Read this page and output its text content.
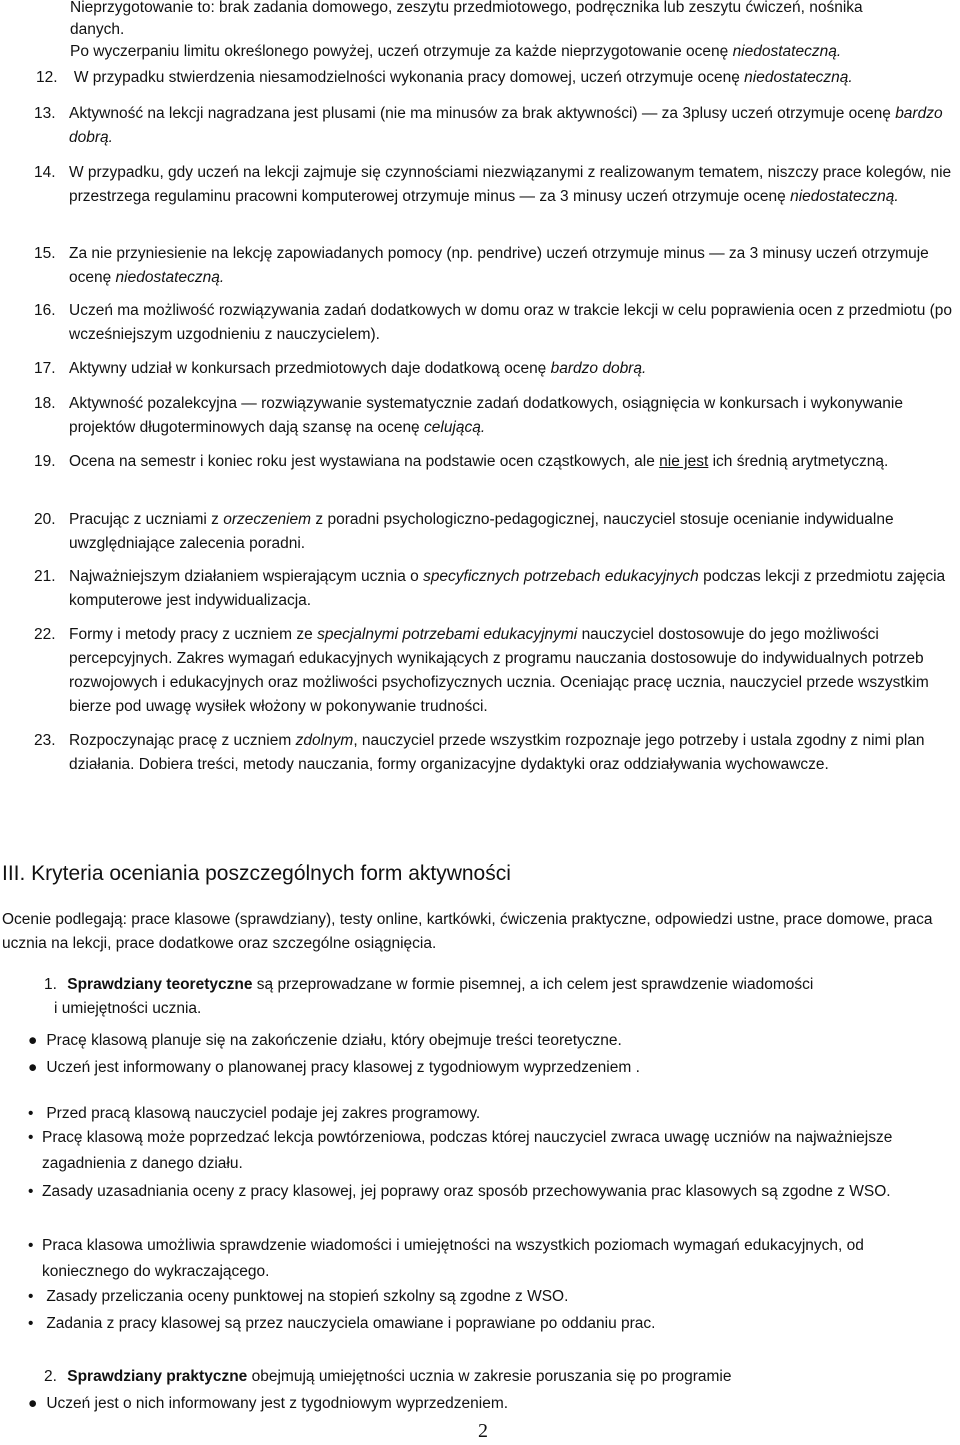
Nieprzygotowanie to: brak zadania domowego, zeszytu przedmiotowego, podręcznika lub zeszytu ćwiczeń, nośnika
danych.
Po wyczerpaniu limitu określonego powyżej, uczeń otrzymuje za każde nieprzygotowanie ocenę niedostateczną.
12. W przypadku stwierdzenia niesamodzielności wykonania pracy domowej, uczeń otrzymuje ocenę niedostateczną.
13. Aktywność na lekcji nagradzana jest plusami (nie ma minusów za brak aktywności) — za 3plusy uczeń otrzymuje ocenę bardzo dobrą.
14. W przypadku, gdy uczeń na lekcji zajmuje się czynnościami niezwiązanymi z realizowanym tematem, niszczy prace kolegów, nie przestrzega regulaminu pracowni komputerowej otrzymuje minus — za 3 minusy uczeń otrzymuje ocenę niedostateczną.
15. Za nie przyniesienie na lekcję zapowiadanych pomocy (np. pendrive) uczeń otrzymuje minus — za 3 minusy uczeń otrzymuje ocenę niedostateczną.
16. Uczeń ma możliwość rozwiązywania zadań dodatkowych w domu oraz w trakcie lekcji w celu poprawienia ocen z przedmiotu (po wcześniejszym uzgodnieniu z nauczycielem).
17. Aktywny udział w konkursach przedmiotowych daje dodatkową ocenę bardzo dobrą.
18. Aktywność pozalekcyjna — rozwiązywanie systematycznie zadań dodatkowych, osiągnięcia w konkursach i wykonywanie projektów długoterminowych dają szansę na ocenę celującą.
19. Ocena na semestr i koniec roku jest wystawiana na podstawie ocen cząstkowych, ale nie jest ich średnią arytmetyczną.
20. Pracując z uczniami z orzeczeniem z poradni psychologiczno-pedagogicznej, nauczyciel stosuje ocenianie indywidualne uwzględniające zalecenia poradni.
21. Najważniejszym działaniem wspierającym ucznia o specyficznych potrzebach edukacyjnych podczas lekcji z przedmiotu zajęcia komputerowe jest indywidualizacja.
22. Formy i metody pracy z uczniem ze specjalnymi potrzebami edukacyjnymi nauczyciel dostosowuje do jego możliwości percepcyjnych. Zakres wymagań edukacyjnych wynikających z programu nauczania dostosowuje do indywidualnych potrzeb rozwojowych i edukacyjnych oraz możliwości psychofizycznych ucznia. Oceniając pracę ucznia, nauczyciel przede wszystkim bierze pod uwagę wysiłek włożony w pokonywanie trudności.
23. Rozpoczynając pracę z uczniem zdolnym, nauczyciel przede wszystkim rozpoznaje jego potrzeby i ustala zgodny z nimi plan działania. Dobiera treści, metody nauczania, formy organizacyjne dydaktyki oraz oddziaływania wychowawcze.
III. Kryteria oceniania poszczególnych form aktywności
Ocenie podlegają: prace klasowe (sprawdziany), testy online, kartkówki, ćwiczenia praktyczne, odpowiedzi ustne, prace domowe, praca ucznia na lekcji, prace dodatkowe oraz szczególne osiągnięcia.
1. Sprawdziany teoretyczne są przeprowadzane w formie pisemnej, a ich celem jest sprawdzenie wiadomości
i umiejętności ucznia.
● Pracę klasową planuje się na zakończenie działu, który obejmuje treści teoretyczne.
● Uczeń jest informowany o planowanej pracy klasowej z tygodniowym wyprzedzeniem .
• Przed pracą klasową nauczyciel podaje jej zakres programowy.
• Pracę klasową może poprzedzać lekcja powtórzeniowa, podczas której nauczyciel zwraca uwagę uczniów na najważniejsze zagadnienia z danego działu.
• Zasady uzasadniania oceny z pracy klasowej, jej poprawy oraz sposób przechowywania prac klasowych są zgodne z WSO.
• Praca klasowa umożliwia sprawdzenie wiadomości i umiejętności na wszystkich poziomach wymagań edukacyjnych, od koniecznego do wykraczającego.
• Zasady przeliczania oceny punktowej na stopień szkolny są zgodne z WSO.
• Zadania z pracy klasowej są przez nauczyciela omawiane i poprawiane po oddaniu prac.
2. Sprawdziany praktyczne obejmują umiejętności ucznia w zakresie poruszania się po programie
● Uczeń jest o nich informowany jest z tygodniowym wyprzedzeniem.
2
